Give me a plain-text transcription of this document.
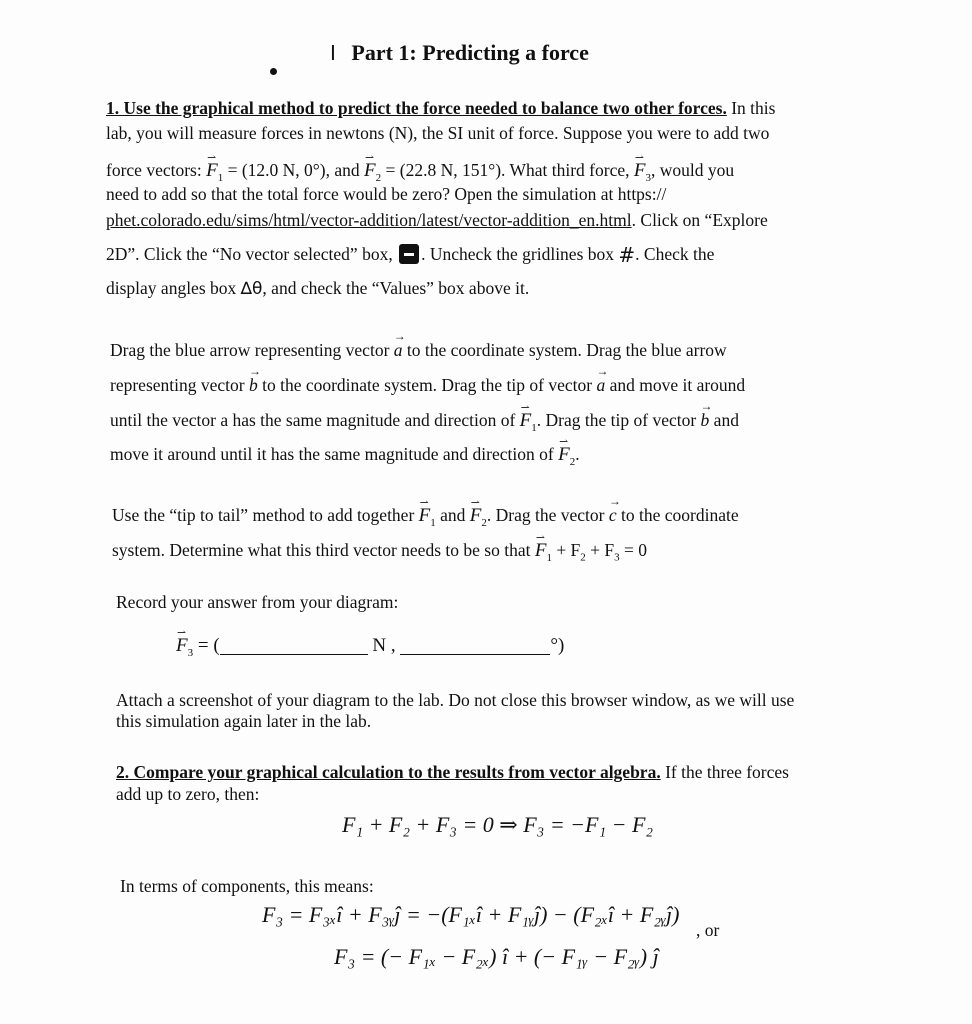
I Part 1: Predicting a force
1. Use the graphical method to predict the force needed to balance two other forces. In this
lab, you will measure forces in newtons (N), the SI unit of force. Suppose you were to add two
force vectors: ⇀ $F_1 = (12.0$ N, 0°), and ⇀ $F_2 = (22.8$ N, 151°). What third force, ⇀ $F_3$, would you
need to add so that the total force would be zero? Open the simulation at https://
phet.colorado.edu/sims/html/vector-addition/latest/vector-addition_en.html. Click on “Explore
2D”. Click the “No vector selected” box, . Uncheck the gridlines box #. Check the
display angles box ∆θ, and check the “Values” box above it.
Drag the blue arrow representing vector → a to the coordinate system. Drag the blue arrow
representing vector → b to the coordinate system. Drag the tip of vector → a and move it around
until the vector a has the same magnitude and direction of ⇀ $F_1$. Drag the tip of vector → b and
move it around until it has the same magnitude and direction of ⇀ $F_2$.
Use the “tip to tail” method to add together ⇀ $F_1$ and ⇀ $F_2$. Drag the vector → c to the coordinate
system. Determine what this third vector needs to be so that ⇀ $F_1 + F_2 + F_3 = 0$
Record your answer from your diagram:
⇀ $F_3$ = (	N ,	°)
Attach a screenshot of your diagram to the lab. Do not close this browser window, as we will use
this simulation again later in the lab.
2. Compare your graphical calculation to the results from vector algebra. If the three forces
add up to zero, then:
F₁ + F₂ + F₃ = 0 ⇒ F₃ = −F₁ − F₂
In terms of components, this means:
F₃ = F₃ₓî + F₃ᵧĵ = −(F₁ₓî + F₁ᵧĵ) − (F₂ₓî + F₂ᵧĵ)
, or
F₃ = (− F₁ₓ − F₂ₓ) î + (− F₁ᵧ − F₂ᵧ) ĵ
